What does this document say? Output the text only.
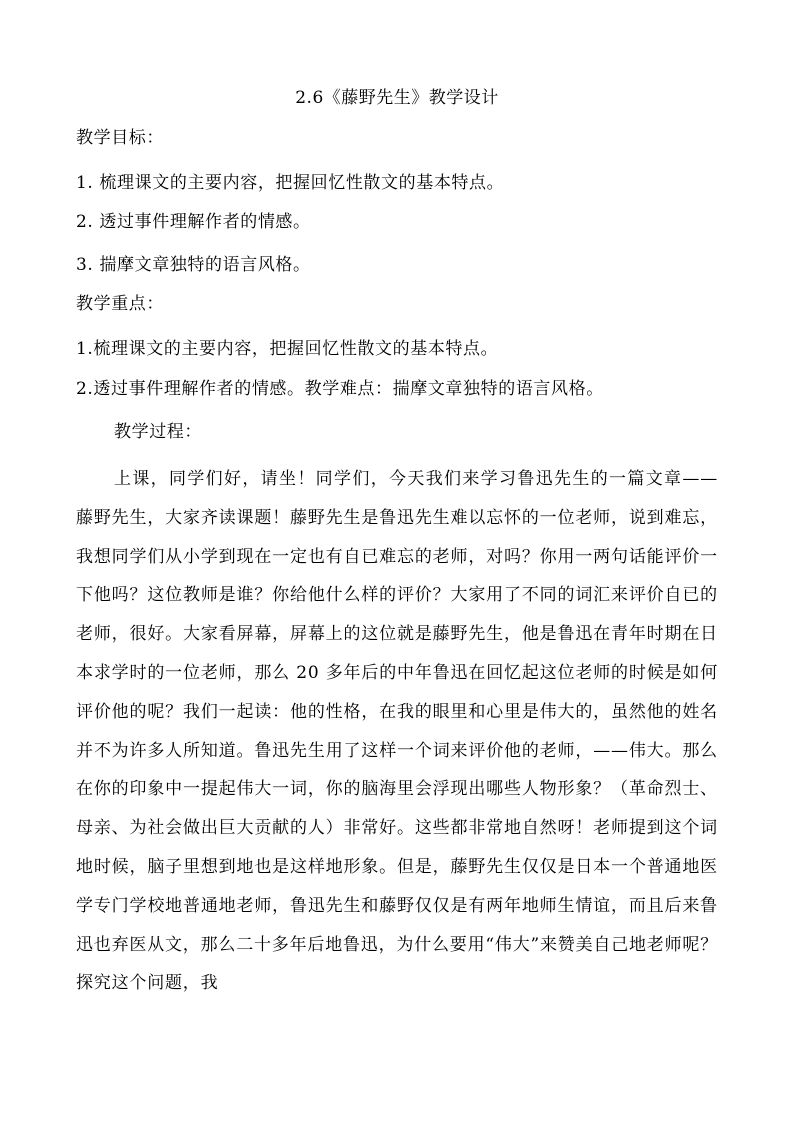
2.6《藤野先生》教学设计
教学目标：
1. 梳理课文的主要内容，把握回忆性散文的基本特点。
2. 透过事件理解作者的情感。
3. 揣摩文章独特的语言风格。
教学重点：
1.梳理课文的主要内容，把握回忆性散文的基本特点。
2.透过事件理解作者的情感。教学难点：揣摩文章独特的语言风格。
教学过程：
上课，同学们好，请坐！同学们，今天我们来学习鲁迅先生的一篇文章——藤野先生，大家齐读课题！藤野先生是鲁迅先生难以忘怀的一位老师，说到难忘，我想同学们从小学到现在一定也有自已难忘的老师，对吗？你用一两句话能评价一下他吗？这位教师是谁？你给他什么样的评价？大家用了不同的词汇来评价自已的老师，很好。大家看屏幕，屏幕上的这位就是藤野先生，他是鲁迅在青年时期在日本求学时的一位老师，那么 20 多年后的中年鲁迅在回忆起这位老师的时候是如何评价他的呢？我们一起读：他的性格，在我的眼里和心里是伟大的，虽然他的姓名并不为许多人所知道。鲁迅先生用了这样一个词来评价他的老师，——伟大。那么在你的印象中一提起伟大一词，你的脑海里会浮现出哪些人物形象？（革命烈士、母亲、为社会做出巨大贡献的人）非常好。这些都非常地自然呀！老师提到这个词地时候，脑子里想到地也是这样地形象。但是，藤野先生仅仅是日本一个普通地医学专门学校地普通地老师，鲁迅先生和藤野仅仅是有两年地师生情谊，而且后来鲁迅也弃医从文，那么二十多年后地鲁迅，为什么要用“伟大”来赞美自己地老师呢？探究这个问题，我
